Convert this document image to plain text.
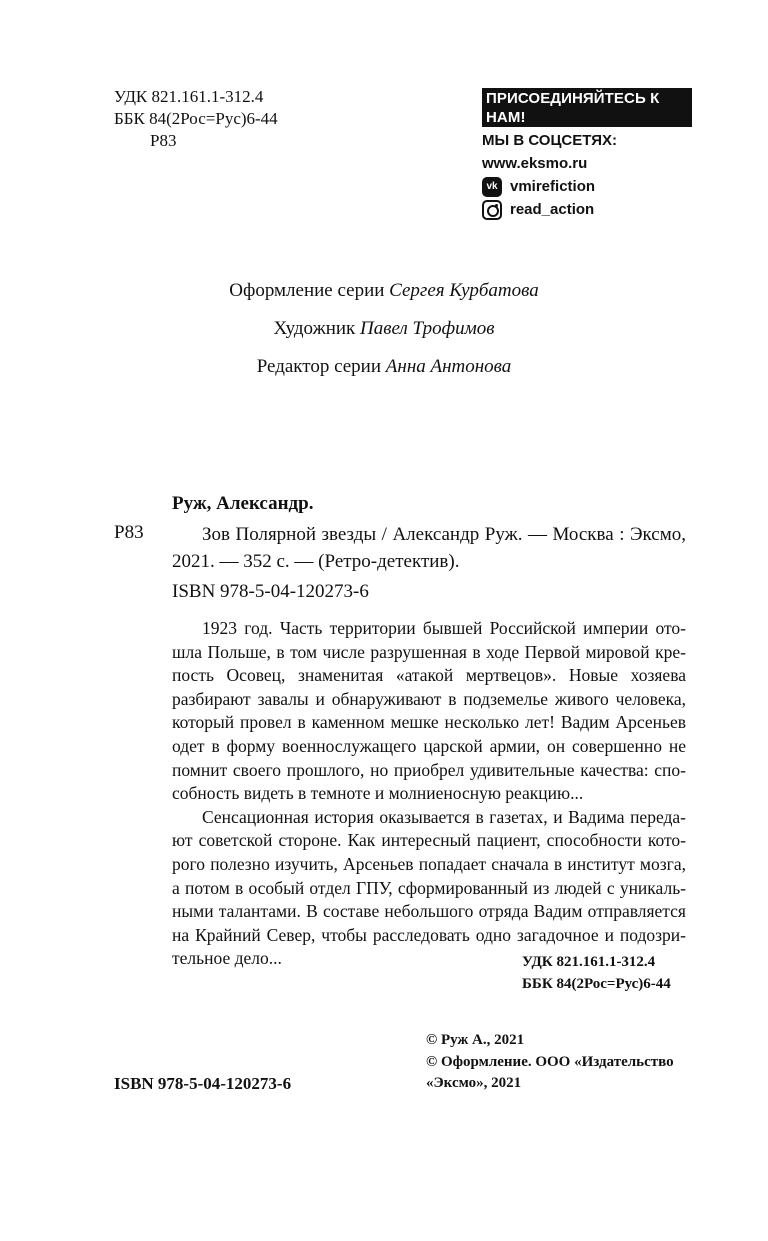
УДК 821.161.1-312.4
ББК 84(2Рос=Рус)6-44
Р83
ПРИСОЕДИНЯЙТЕСЬ К НАМ!
МЫ В СОЦСЕТЯХ:
www.eksmo.ru
vk vmirefiction
read_action
Оформление серии Сергея Курбатова
Художник Павел Трофимов
Редактор серии Анна Антонова
Руж, Александр.
Р83	Зов Полярной звезды / Александр Руж. — Москва : Эксмо, 2021. — 352 с. — (Ретро-детектив).
ISBN 978-5-04-120273-6

1923 год. Часть территории бывшей Российской империи отошла Польше, в том числе разрушенная в ходе Первой мировой крепость Осовец, знаменитая «атакой мертвецов». Новые хозяева разбирают завалы и обнаруживают в подземелье живого человека, который провел в каменном мешке несколько лет! Вадим Арсеньев одет в форму военнослужащего царской армии, он совершенно не помнит своего прошлого, но приобрел удивительные качества: способность видеть в темноте и молниеносную реакцию...

Сенсационная история оказывается в газетах, и Вадима передают советской стороне. Как интересный пациент, способности которого полезно изучить, Арсеньев попадает сначала в институт мозга, а потом в особый отдел ГПУ, сформированный из людей с уникальными талантами. В составе небольшого отряда Вадим отправляется на Крайний Север, чтобы расследовать одно загадочное и подозрительное дело...	УДК 821.161.1-312.4
ББК 84(2Рос=Рус)6-44
ISBN 978-5-04-120273-6
© Руж А., 2021
© Оформление. ООО «Издательство «Эксмо», 2021
